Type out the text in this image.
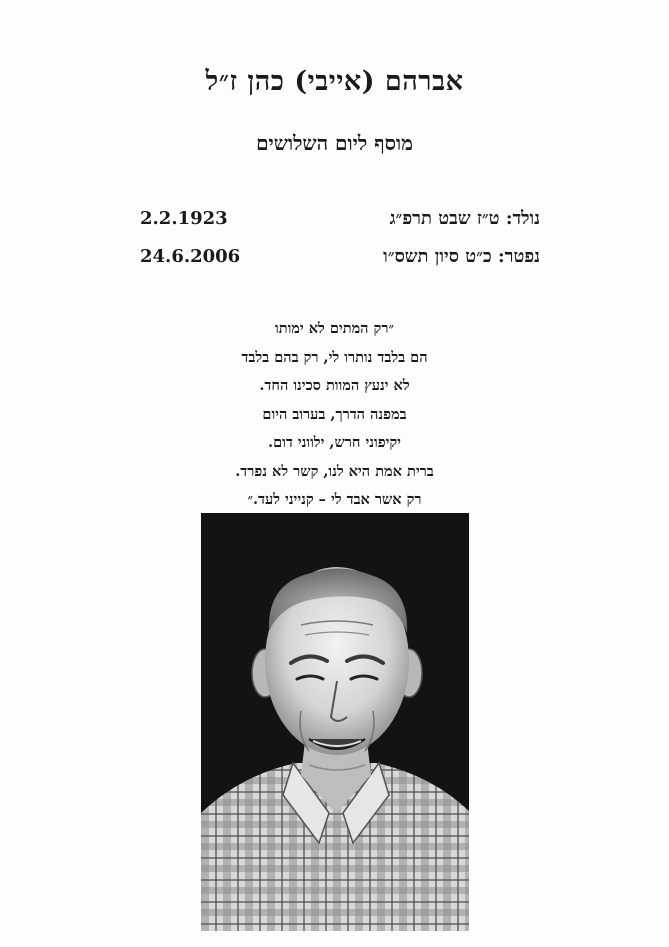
אברהם (אייבי) כהן ז״ל
מוסף ליום השלושים
נולד: ט״ז שבט תרפ״ג
2.2.1923
נפטר: כ״ט סיון תשס״ו
24.6.2006
״רק המתים לא ימותו
הם בלבד נותרו לי, רק בהם בלבד
לא ינעץ המוות סכינו החד.
במפנה הדרך, בערוב היום
יקיפוני חרש, ילווני דום.
ברית אמת היא לנו, קשר לא נפרד.
רק אשר אבד לי – קנייני לעד.״
